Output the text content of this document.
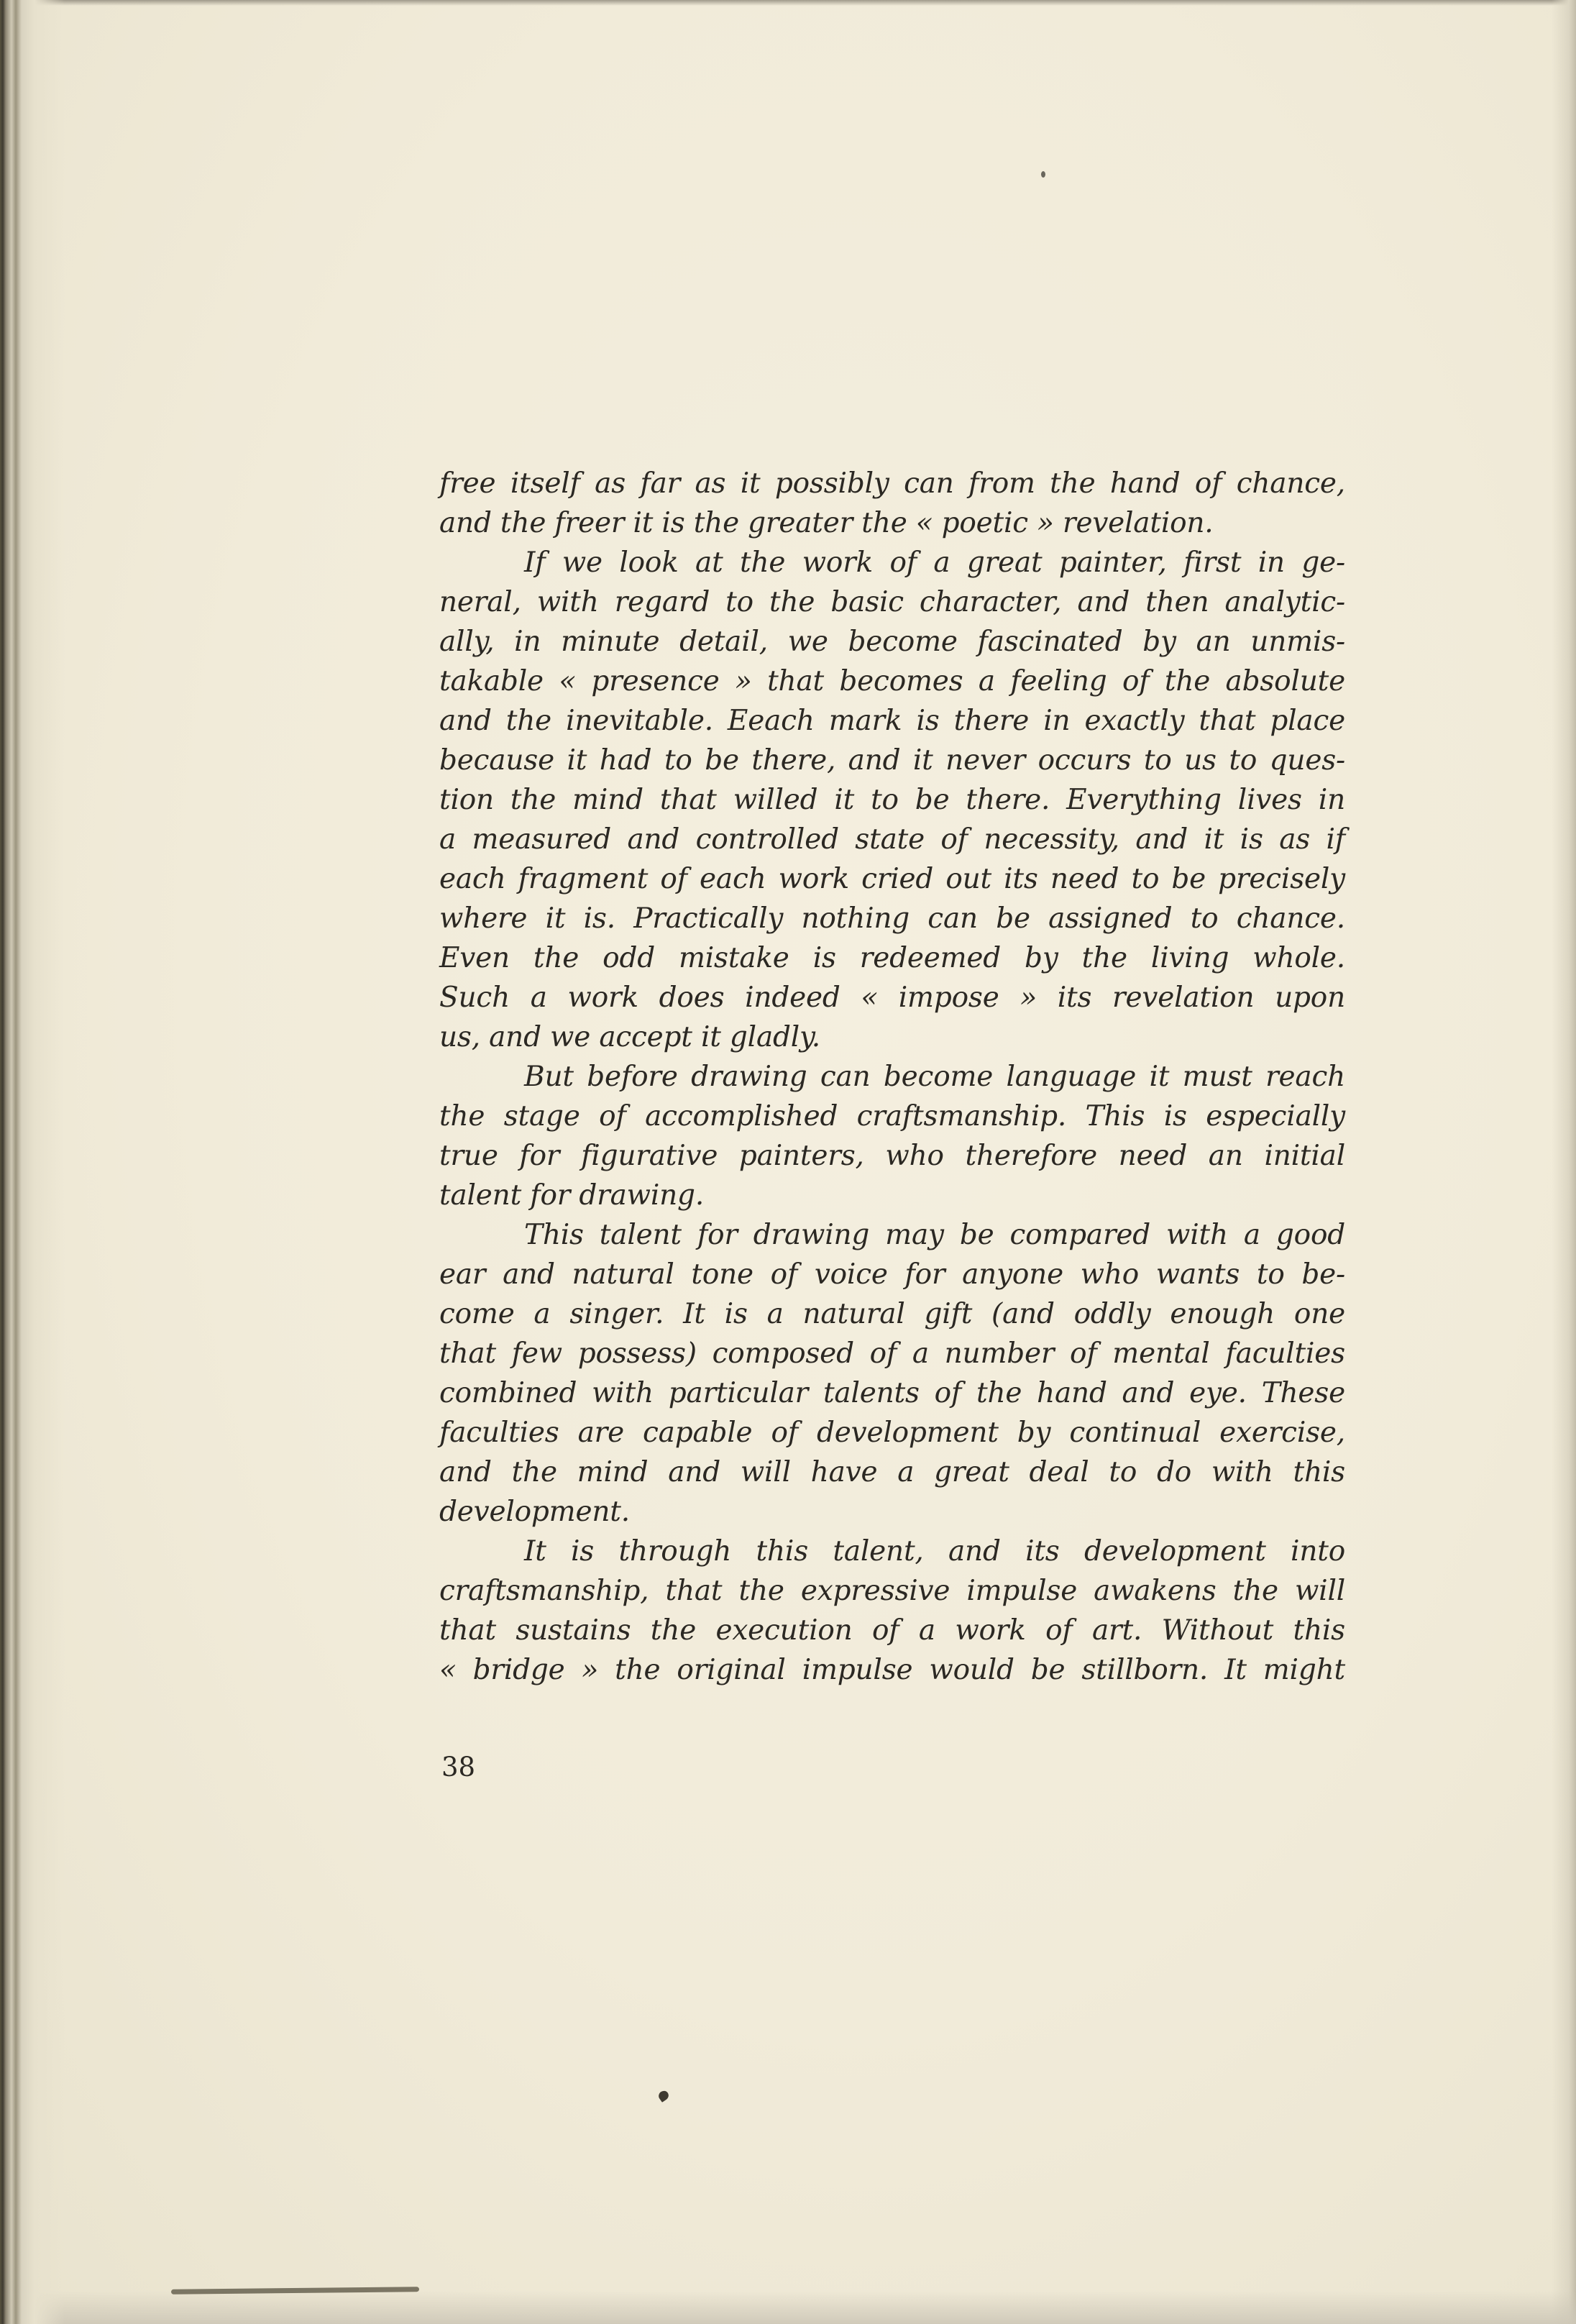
free itself as far as it possibly can from the hand of chance,
and the freer it is the greater the « poetic » revelation.
If we look at the work of a great painter, first in ge-
neral, with regard to the basic character, and then analytic-
ally, in minute detail, we become fascinated by an unmis-
takable « presence » that becomes a feeling of the absolute
and the inevitable. Eeach mark is there in exactly that place
because it had to be there, and it never occurs to us to ques-
tion the mind that willed it to be there. Everything lives in
a measured and controlled state of necessity, and it is as if
each fragment of each work cried out its need to be precisely
where it is. Practically nothing can be assigned to chance.
Even the odd mistake is redeemed by the living whole.
Such a work does indeed « impose » its revelation upon
us, and we accept it gladly.
But before drawing can become language it must reach
the stage of accomplished craftsmanship. This is especially
true for figurative painters, who therefore need an initial
talent for drawing.
This talent for drawing may be compared with a good
ear and natural tone of voice for anyone who wants to be-
come a singer. It is a natural gift (and oddly enough one
that few possess) composed of a number of mental faculties
combined with particular talents of the hand and eye. These
faculties are capable of development by continual exercise,
and the mind and will have a great deal to do with this
development.
It is through this talent, and its development into
craftsmanship, that the expressive impulse awakens the will
that sustains the execution of a work of art. Without this
« bridge » the original impulse would be stillborn. It might
38
